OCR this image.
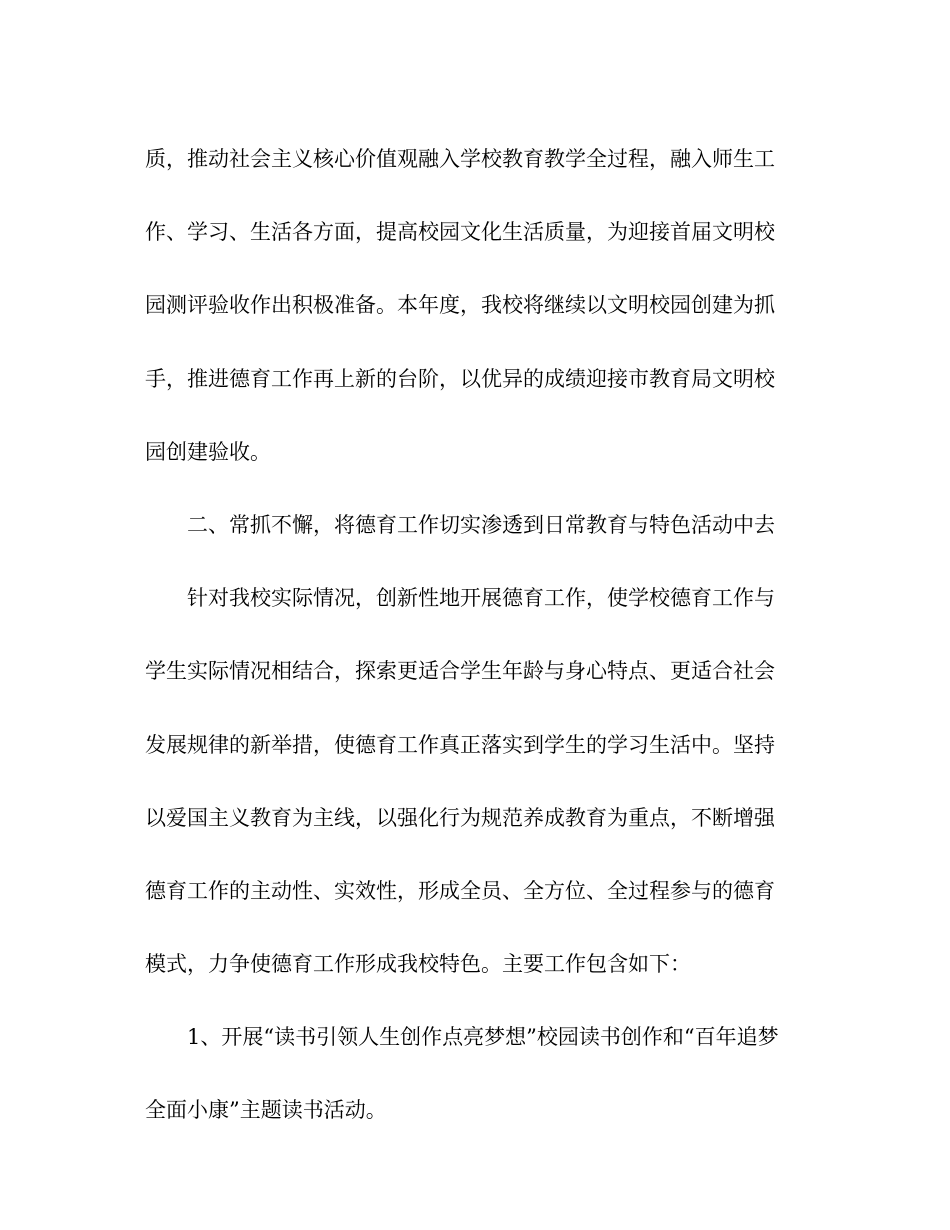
质，推动社会主义核心价值观融入学校教育教学全过程，融入师生工
作、学习、生活各方面，提高校园文化生活质量，为迎接首届文明校
园测评验收作出积极准备。本年度，我校将继续以文明校园创建为抓
手，推进德育工作再上新的台阶，以优异的成绩迎接市教育局文明校
园创建验收。
二、常抓不懈，将德育工作切实渗透到日常教育与特色活动中去
针对我校实际情况，创新性地开展德育工作，使学校德育工作与
学生实际情况相结合，探索更适合学生年龄与身心特点、更适合社会
发展规律的新举措，使德育工作真正落实到学生的学习生活中。坚持
以爱国主义教育为主线，以强化行为规范养成教育为重点，不断增强
德育工作的主动性、实效性，形成全员、全方位、全过程参与的德育
模式，力争使德育工作形成我校特色。主要工作包含如下：
1、开展“读书引领人生创作点亮梦想”校园读书创作和“百年追梦
全面小康”主题读书活动。
